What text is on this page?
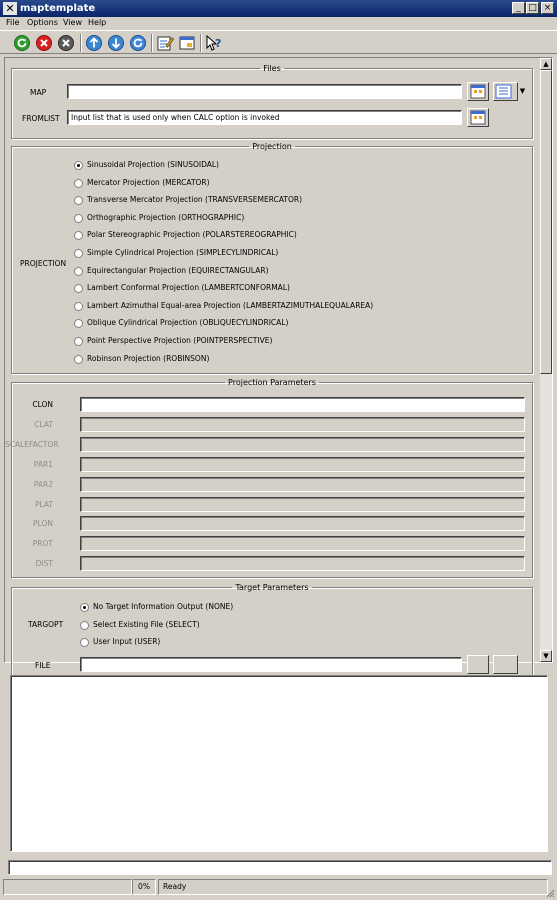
✕ maptemplate	_ □ ×
File Options View Help
?
Files
MAP	▼
FROMLIST	Input list that is used only when CALC option is invoked
Projection
PROJECTION
Sinusoidal Projection (SINUSOIDAL)
Mercator Projection (MERCATOR)
Transverse Mercator Projection (TRANSVERSEMERCATOR)
Orthographic Projection (ORTHOGRAPHIC)
Polar Stereographic Projection (POLARSTEREOGRAPHIC)
Simple Cylindrical Projection (SIMPLECYLINDRICAL)
Equirectangular Projection (EQUIRECTANGULAR)
Lambert Conformal Projection (LAMBERTCONFORMAL)
Lambert Azimuthal Equal-area Projection (LAMBERTAZIMUTHALEQUALAREA)
Oblique Cylindrical Projection (OBLIQUECYLINDRICAL)
Point Perspective Projection (POINTPERSPECTIVE)
Robinson Projection (ROBINSON)
Projection Parameters
CLON
CLAT
SCALEFACTOR
PAR1
PAR2
PLAT
PLON
PROT
DIST
Target Parameters
TARGOPT
No Target Information Output (NONE)
Select Existing File (SELECT)
User Input (USER)
FILE
▲
▼
0%	Ready
